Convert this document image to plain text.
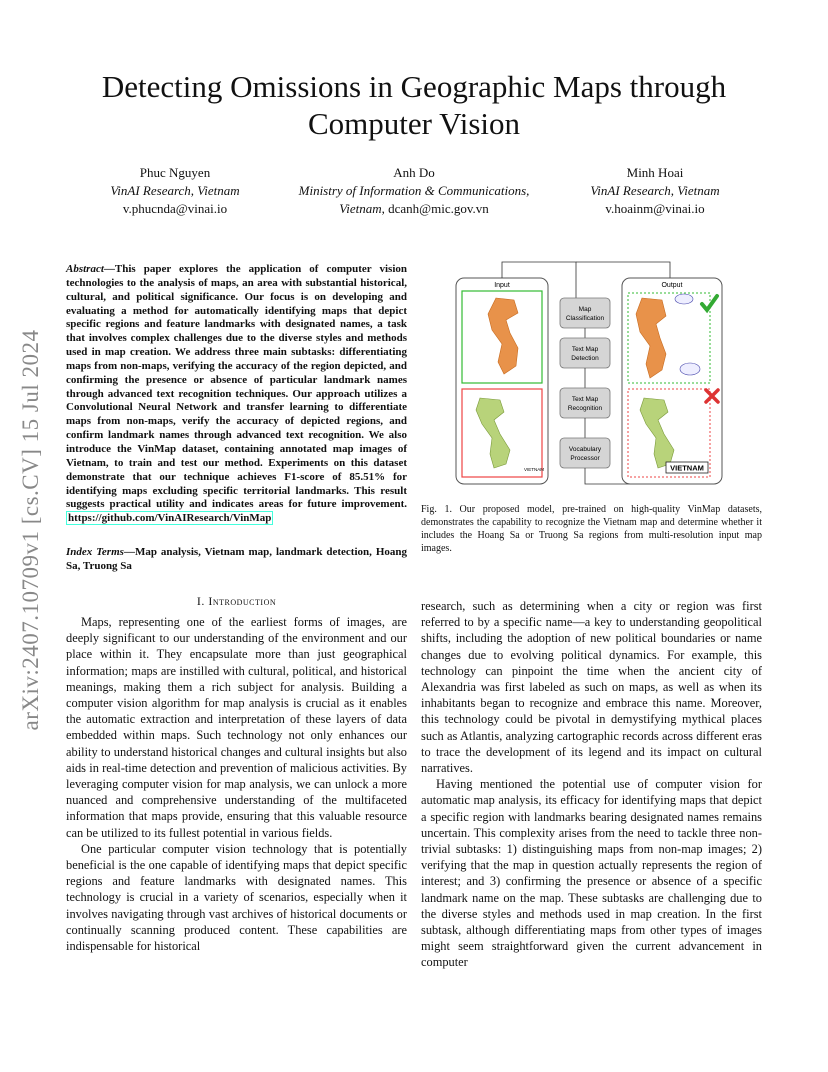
arXiv:2407.10709v1 [cs.CV] 15 Jul 2024
Detecting Omissions in Geographic Maps through Computer Vision
Phuc Nguyen
VinAI Research, Vietnam
v.phucnda@vinai.io
Anh Do
Ministry of Information & Communications,
Vietnam, dcanh@mic.gov.vn
Minh Hoai
VinAI Research, Vietnam
v.hoainm@vinai.io
Abstract—This paper explores the application of computer vision technologies to the analysis of maps, an area with substantial historical, cultural, and political significance. Our focus is on developing and evaluating a method for automatically identifying maps that depict specific regions and feature landmarks with designated names, a task that involves complex challenges due to the diverse styles and methods used in map creation. We address three main subtasks: differentiating maps from non-maps, verifying the accuracy of the region depicted, and confirming the presence or absence of particular landmark names through advanced text recognition techniques. Our approach utilizes a Convolutional Neural Network and transfer learning to differentiate maps from non-maps, verify the accuracy of depicted regions, and confirm landmark names through advanced text recognition. We also introduce the VinMap dataset, containing annotated map images of Vietnam, to train and test our method. Experiments on this dataset demonstrate that our technique achieves F1-score of 85.51% for identifying maps excluding specific territorial landmarks. This result suggests practical utility and indicates areas for future improvement. https://github.com/VinAIResearch/VinMap
Index Terms—Map analysis, Vietnam map, landmark detection, Hoang Sa, Truong Sa
I. Introduction

Maps, representing one of the earliest forms of images, are deeply significant to our understanding of the environment and our place within it. They encapsulate more than just geographical information; maps are instilled with cultural, political, and historical meanings, making them a rich subject for analysis. Building a computer vision algorithm for map analysis is crucial as it enables the automatic extraction and interpretation of these layers of data embedded within maps. Such technology not only enhances our ability to understand historical changes and cultural insights but also aids in real-time detection and prevention of malicious activities. By leveraging computer vision for map analysis, we can unlock a more nuanced and comprehensive understanding of the multifaceted information that maps provide, ensuring that this valuable resource can be utilized to its fullest potential in various fields.

One particular computer vision technology that is potentially beneficial is the one capable of identifying maps that depict specific regions and feature landmarks with designated names. This technology is crucial in a variety of scenarios, especially when it involves navigating through vast archives of historical documents or continually scanning produced content. These capabilities are indispensable for historical

research, such as determining when a city or region was first referred to by a specific name—a key to understanding geopolitical shifts, including the adoption of new political boundaries or name changes due to evolving political dynamics. For example, this technology can pinpoint the time when the ancient city of Alexandria was first labeled as such on maps, as well as when its inhabitants began to recognize and embrace this name. Moreover, this technology could be pivotal in demystifying mythical places such as Atlantis, analyzing cartographic records across different eras to trace the development of its legend and its impact on cultural narratives.

Having mentioned the potential use of computer vision for automatic map analysis, its efficacy for identifying maps that depict a specific region with landmarks bearing designated names remains uncertain. This complexity arises from the need to tackle three non-trivial subtasks: 1) distinguishing maps from non-map images; 2) verifying that the map in question actually represents the region of interest; and 3) confirming the presence or absence of a specific landmark name on the map. These subtasks are challenging due to the diverse styles and methods used in map creation. In the first subtask, although differentiating maps from other types of images might seem straightforward given the current advancement in computer

Input
VIETNAM
Map
Classification
Text Map
Detection
Text Map
Recognition
Vocabulary
Processor
Output
VIETNAM
Fig. 1. Our proposed model, pre-trained on high-quality VinMap datasets, demonstrates the capability to recognize the Vietnam map and determine whether it includes the Hoang Sa or Truong Sa regions from multi-resolution input map images.
